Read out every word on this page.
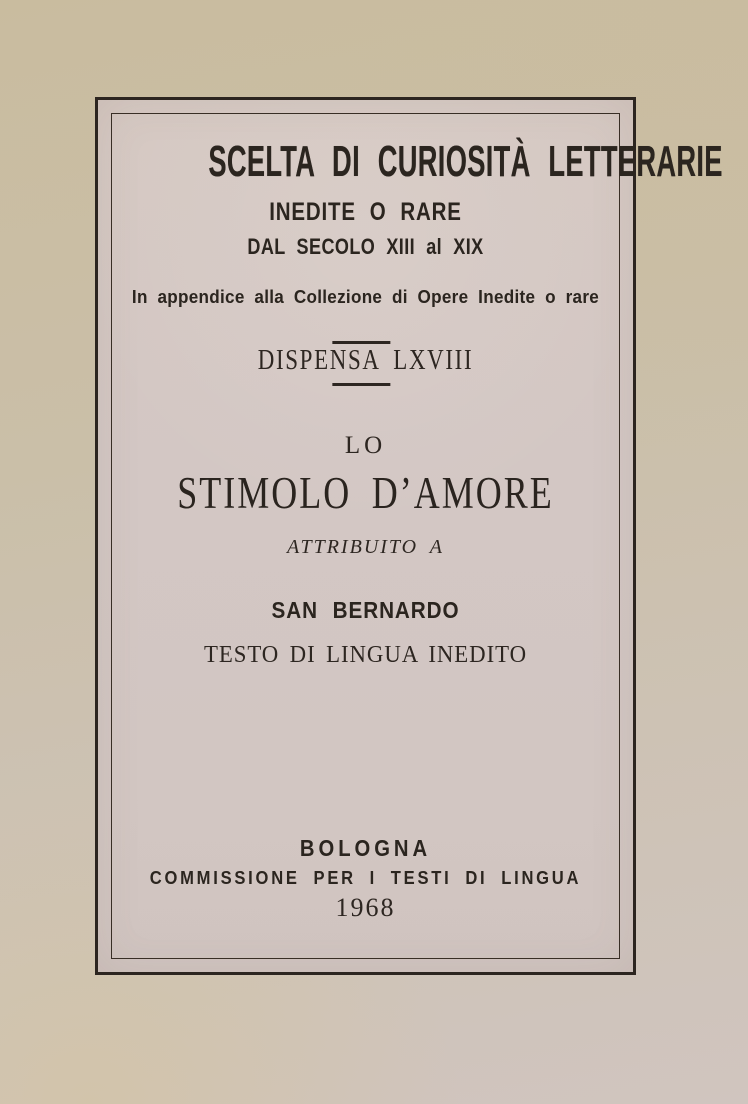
SCELTA DI CURIOSITÀ LETTERARIE
INEDITE O RARE
DAL SECOLO XIII al XIX
In appendice alla Collezione di Opere Inedite o rare
DISPENSA LXVIII
LO
STIMOLO D’AMORE
ATTRIBUITO A
SAN BERNARDO
TESTO DI LINGUA INEDITO
BOLOGNA
COMMISSIONE PER I TESTI DI LINGUA
1968
